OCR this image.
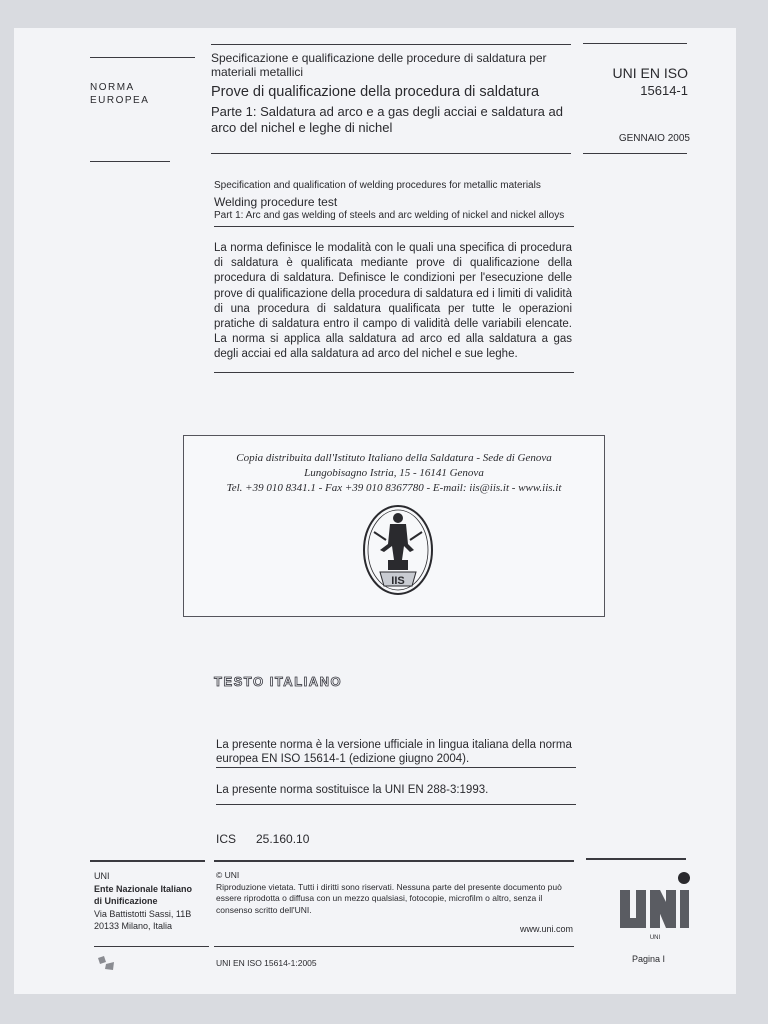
NORMA
EUROPEA
Specificazione e qualificazione delle procedure di saldatura per materiali metallici
Prove di qualificazione della procedura di saldatura
Parte 1: Saldatura ad arco e a gas degli acciai e saldatura ad arco del nichel e leghe di nichel
UNI EN ISO
15614-1
GENNAIO 2005
Specification and qualification of welding procedures for metallic materials
Welding procedure test
Part 1: Arc and gas welding of steels and arc welding of nickel and nickel alloys
La norma definisce le modalità con le quali una specifica di procedura di saldatura è qualificata mediante prove di qualificazione della procedura di saldatura. Definisce le condizioni per l'esecuzione delle prove di qualificazione della procedura di saldatura ed i limiti di validità di una procedura di saldatura qualificata per tutte le operazioni pratiche di saldatura entro il campo di validità delle variabili elencate. La norma si applica alla saldatura ad arco ed alla saldatura a gas degli acciai ed alla saldatura ad arco del nichel e sue leghe.
Copia distribuita dall'Istituto Italiano della Saldatura - Sede di Genova
Lungobisagno Istria, 15 - 16141 Genova
Tel. +39 010 8341.1 - Fax +39 010 8367780 - E-mail: iis@iis.it - www.iis.it
IIS
TESTO ITALIANO
La presente norma è la versione ufficiale in lingua italiana della norma europea EN ISO 15614-1 (edizione giugno 2004).
La presente norma sostituisce la UNI EN 288-3:1993.
ICS 25.160.10
UNI
Ente Nazionale Italiano
di Unificazione
Via Battistotti Sassi, 11B
20133 Milano, Italia
© UNI
Riproduzione vietata. Tutti i diritti sono riservati. Nessuna parte del presente documento può essere riprodotta o diffusa con un mezzo qualsiasi, fotocopie, microfilm o altro, senza il consenso scritto dell'UNI.
www.uni.com
UNI
UNI EN ISO 15614-1:2005	Pagina I
